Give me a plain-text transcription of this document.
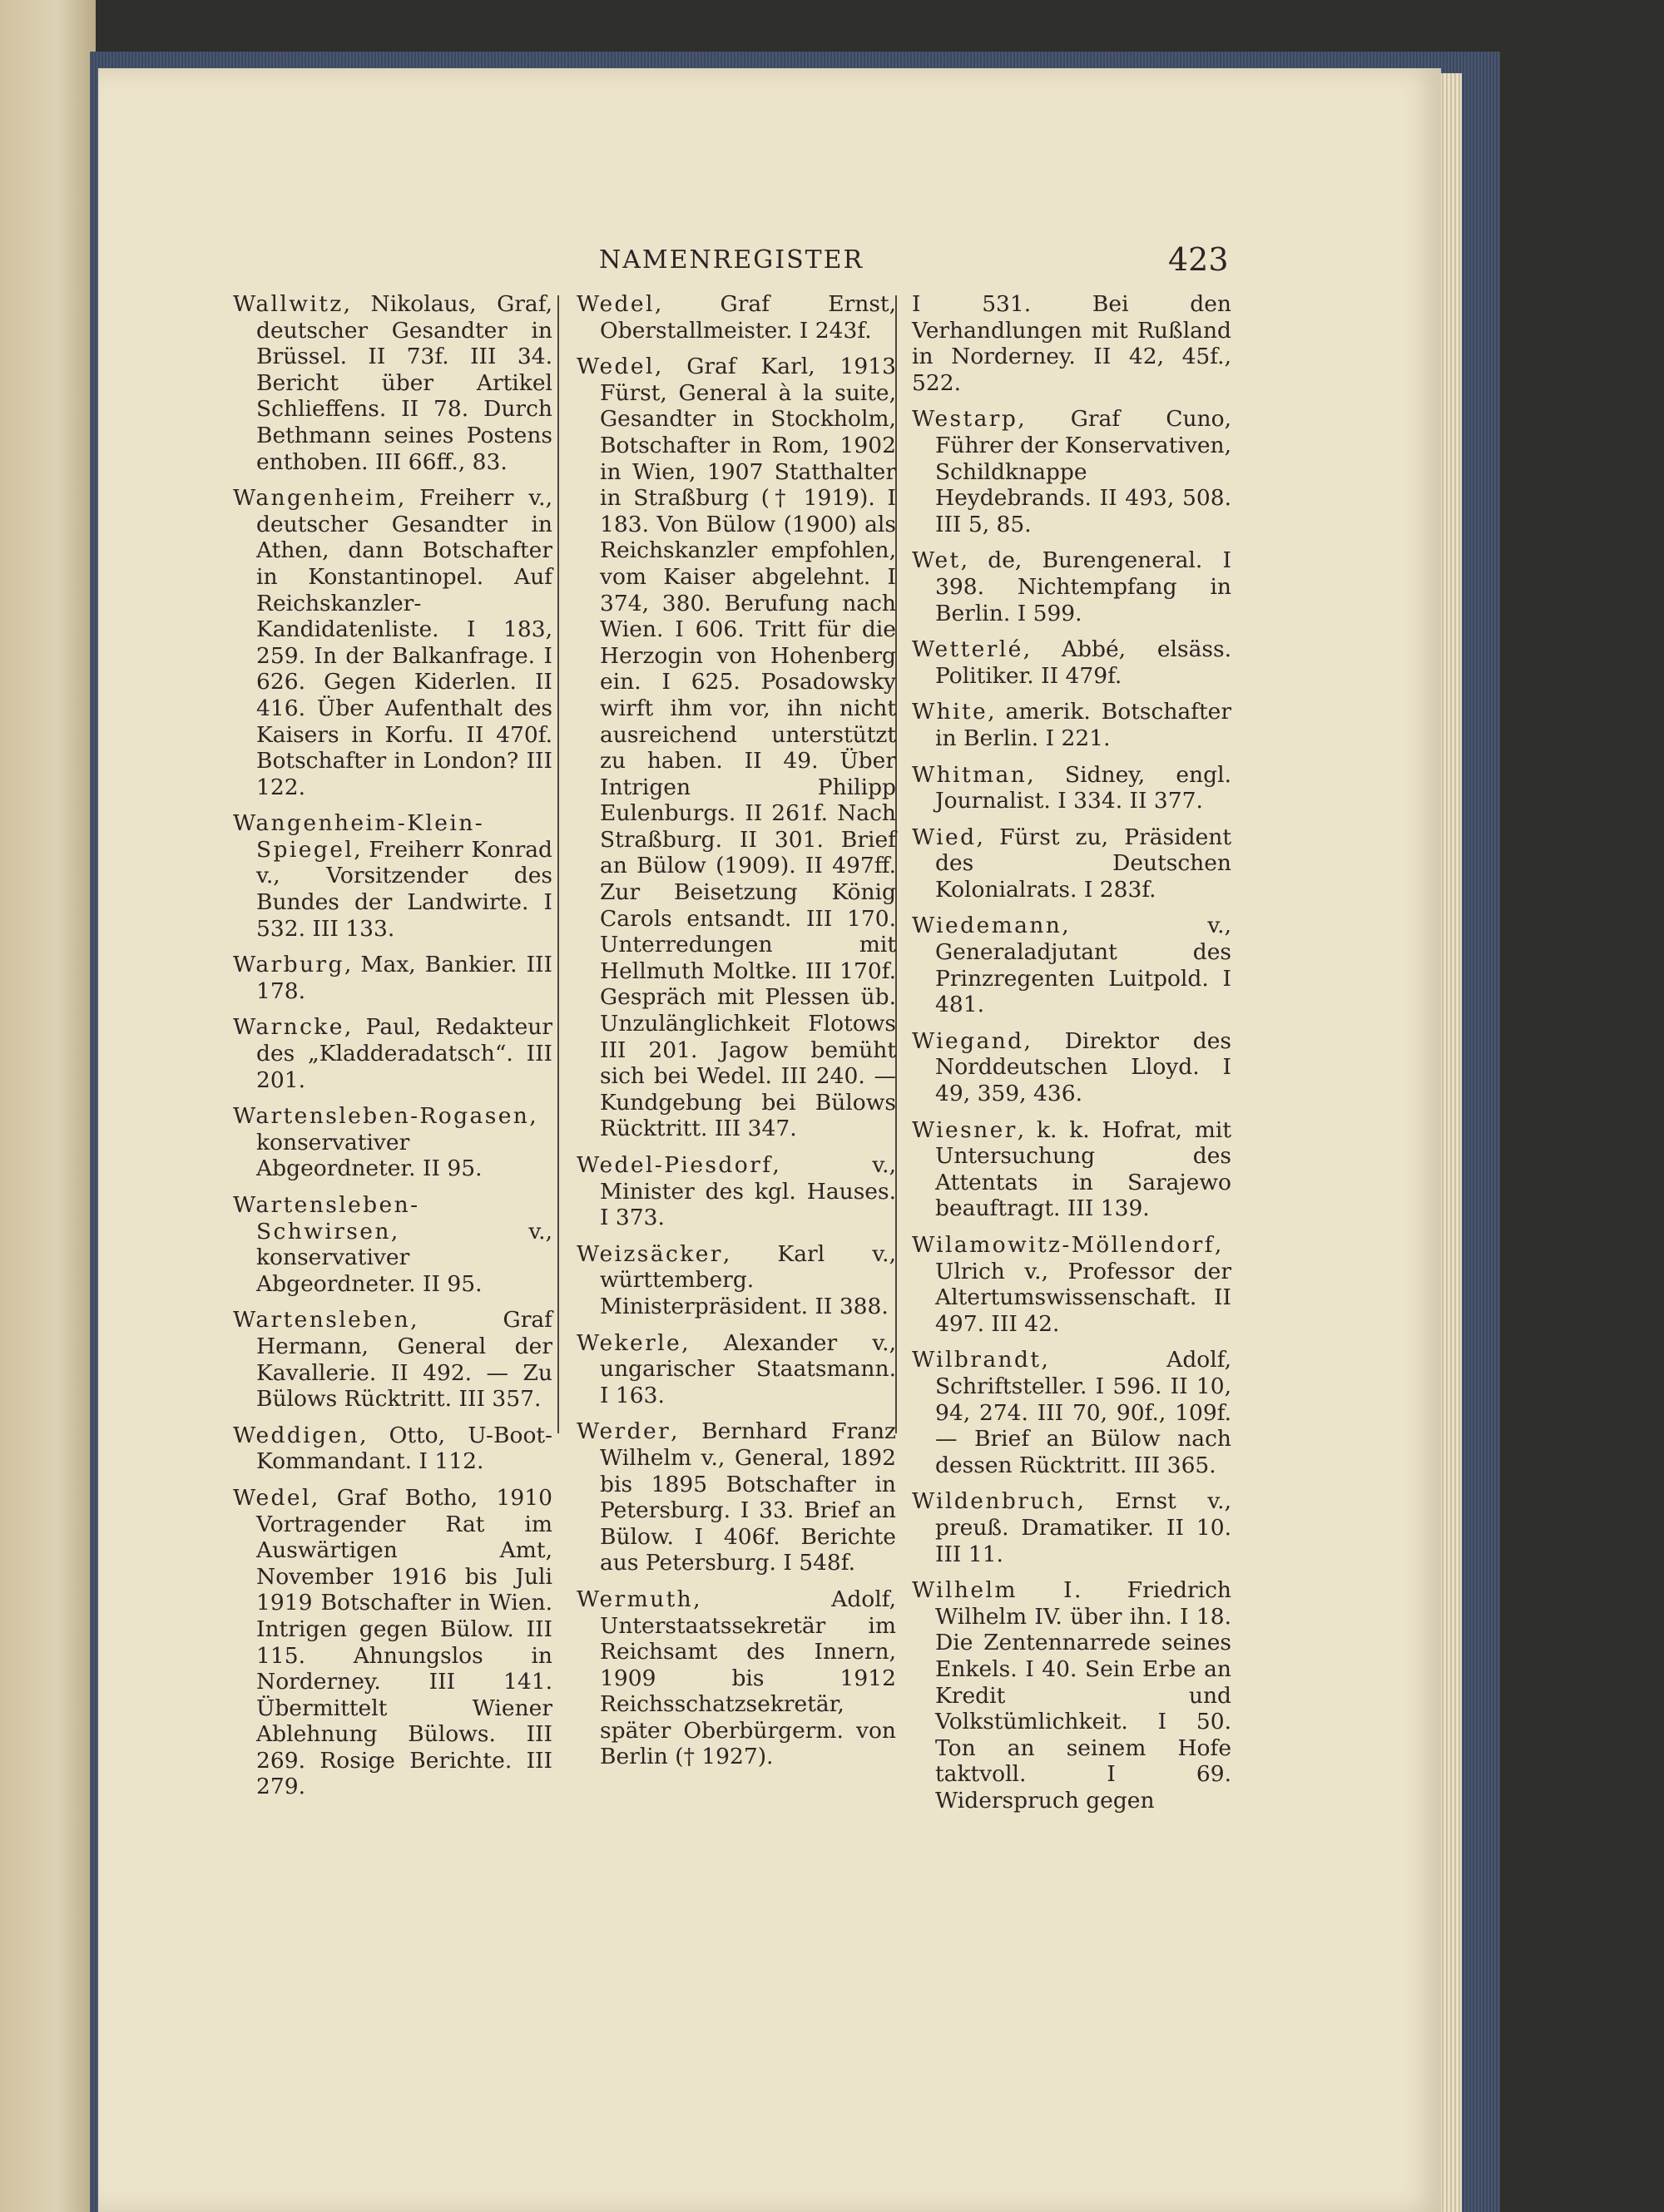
NAMENREGISTER	423

Wallwitz, Nikolaus, Graf, deutscher Gesandter in Brüssel. II 73f. III 34. Bericht über Artikel Schlieffens. II 78. Durch Bethmann seines Postens enthoben. III 66ff., 83.

Wangenheim, Freiherr v., deutscher Gesandter in Athen, dann Botschafter in Konstantinopel. Auf Reichskanzler-Kandidatenliste. I 183, 259. In der Balkanfrage. I 626. Gegen Kiderlen. II 416. Über Aufenthalt des Kaisers in Korfu. II 470f. Botschafter in London? III 122.

Wangenheim-Klein-Spiegel, Freiherr Konrad v., Vorsitzender des Bundes der Landwirte. I 532. III 133.

Warburg, Max, Bankier. III 178.

Warncke, Paul, Redakteur des „Kladderadatsch“. III 201.

Wartensleben-Rogasen, konservativer Abgeordneter. II 95.

Wartensleben-Schwirsen, v., konservativer Abgeordneter. II 95.

Wartensleben, Graf Hermann, General der Kavallerie. II 492. — Zu Bülows Rücktritt. III 357.

Weddigen, Otto, U-Boot-Kommandant. I 112.

Wedel, Graf Botho, 1910 Vortragender Rat im Auswärtigen Amt, November 1916 bis Juli 1919 Botschafter in Wien. Intrigen gegen Bülow. III 115. Ahnungslos in Norderney. III 141. Übermittelt Wiener Ablehnung Bülows. III 269. Rosige Berichte. III 279.

Wedel, Graf Ernst, Oberstallmeister. I 243f.

Wedel, Graf Karl, 1913 Fürst, General à la suite, Gesandter in Stockholm, Botschafter in Rom, 1902 in Wien, 1907 Statthalter in Straßburg († 1919). I 183. Von Bülow (1900) als Reichskanzler empfohlen, vom Kaiser abgelehnt. I 374, 380. Berufung nach Wien. I 606. Tritt für die Herzogin von Hohenberg ein. I 625. Posadowsky wirft ihm vor, ihn nicht ausreichend unterstützt zu haben. II 49. Über Intrigen Philipp Eulenburgs. II 261f. Nach Straßburg. II 301. Brief an Bülow (1909). II 497ff. Zur Beisetzung König Carols entsandt. III 170. Unterredungen mit Hellmuth Moltke. III 170f. Gespräch mit Plessen üb. Unzulänglichkeit Flotows III 201. Jagow bemüht sich bei Wedel. III 240. — Kundgebung bei Bülows Rücktritt. III 347.

Wedel-Piesdorf, v., Minister des kgl. Hauses. I 373.

Weizsäcker, Karl v., württemberg. Ministerpräsident. II 388.

Wekerle, Alexander v., ungarischer Staatsmann. I 163.

Werder, Bernhard Franz Wilhelm v., General, 1892 bis 1895 Botschafter in Petersburg. I 33. Brief an Bülow. I 406f. Berichte aus Petersburg. I 548f.

Wermuth, Adolf, Unterstaatssekretär im Reichsamt des Innern, 1909 bis 1912 Reichsschatzsekretär, später Oberbürgerm. von Berlin († 1927).

I 531. Bei den Verhandlungen mit Rußland in Norderney. II 42, 45f., 522.

Westarp, Graf Cuno, Führer der Konservativen, Schildknappe Heydebrands. II 493, 508. III 5, 85.

Wet, de, Burengeneral. I 398. Nichtempfang in Berlin. I 599.

Wetterlé, Abbé, elsäss. Politiker. II 479f.

White, amerik. Botschafter in Berlin. I 221.

Whitman, Sidney, engl. Journalist. I 334. II 377.

Wied, Fürst zu, Präsident des Deutschen Kolonialrats. I 283f.

Wiedemann, v., Generaladjutant des Prinzregenten Luitpold. I 481.

Wiegand, Direktor des Norddeutschen Lloyd. I 49, 359, 436.

Wiesner, k. k. Hofrat, mit Untersuchung des Attentats in Sarajewo beauftragt. III 139.

Wilamowitz-Möllendorf, Ulrich v., Professor der Altertumswissenschaft. II 497. III 42.

Wilbrandt, Adolf, Schriftsteller. I 596. II 10, 94, 274. III 70, 90f., 109f. — Brief an Bülow nach dessen Rücktritt. III 365.

Wildenbruch, Ernst v., preuß. Dramatiker. II 10. III 11.

Wilhelm I. Friedrich Wilhelm IV. über ihn. I 18. Die Zentennarrede seines Enkels. I 40. Sein Erbe an Kredit und Volkstümlichkeit. I 50. Ton an seinem Hofe taktvoll. I 69. Widerspruch gegen
